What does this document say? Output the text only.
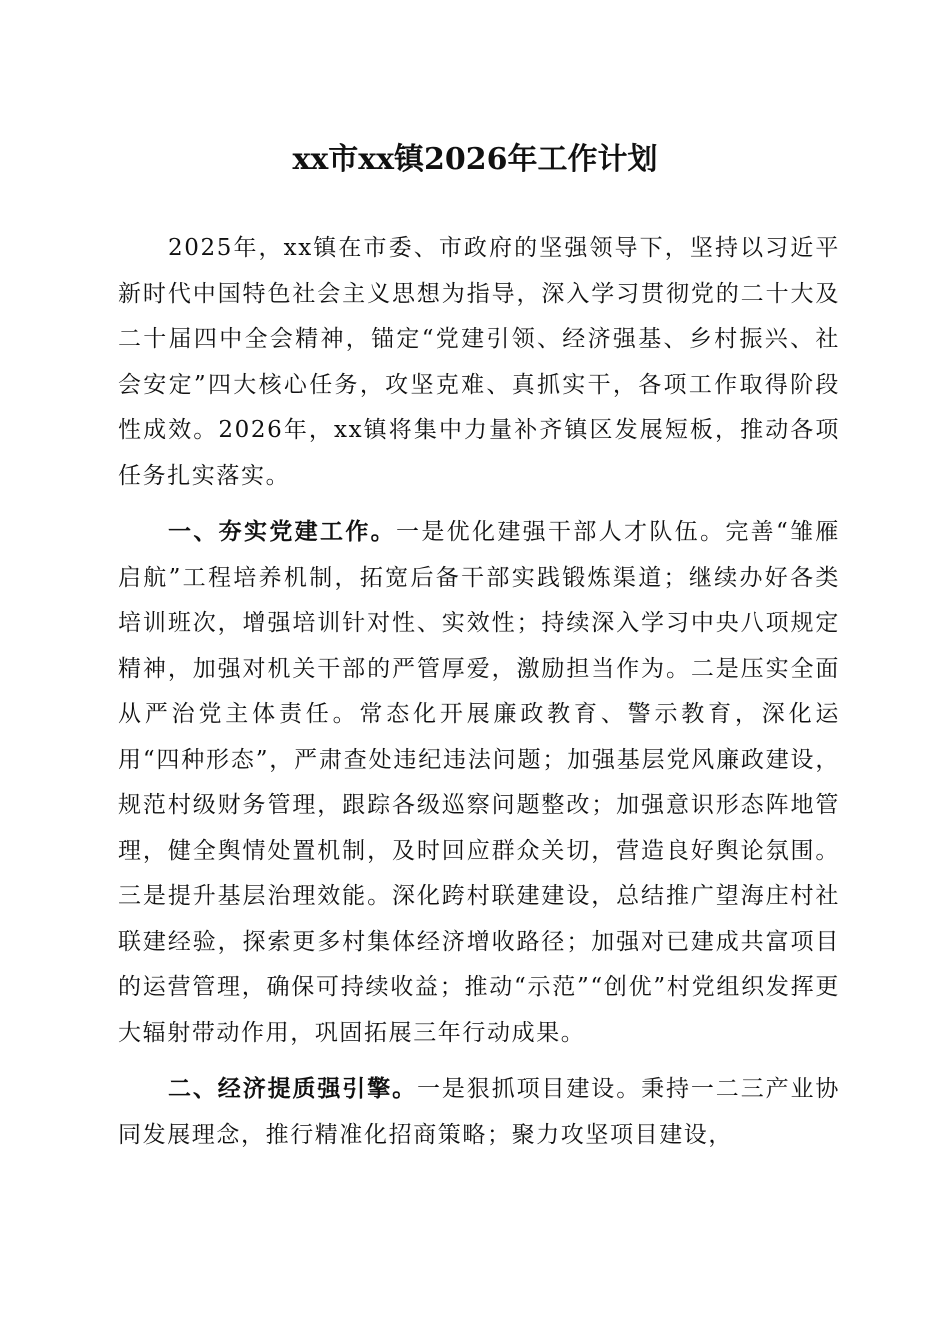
xx市xx镇2026年工作计划

2025年，xx镇在市委、市政府的坚强领导下，坚持以习近平新时代中国特色社会主义思想为指导，深入学习贯彻党的二十大及二十届四中全会精神，锚定“党建引领、经济强基、乡村振兴、社会安定”四大核心任务，攻坚克难、真抓实干，各项工作取得阶段性成效。2026年，xx镇将集中力量补齐镇区发展短板，推动各项任务扎实落实。

一、夯实党建工作。一是优化建强干部人才队伍。完善“雏雁启航”工程培养机制，拓宽后备干部实践锻炼渠道；继续办好各类培训班次，增强培训针对性、实效性；持续深入学习中央八项规定精神，加强对机关干部的严管厚爱，激励担当作为。二是压实全面从严治党主体责任。常态化开展廉政教育、警示教育，深化运用“四种形态”，严肃查处违纪违法问题；加强基层党风廉政建设，规范村级财务管理，跟踪各级巡察问题整改；加强意识形态阵地管理，健全舆情处置机制，及时回应群众关切，营造良好舆论氛围。三是提升基层治理效能。深化跨村联建建设，总结推广望海庄村社联建经验，探索更多村集体经济增收路径；加强对已建成共富项目的运营管理，确保可持续收益；推动“示范”“创优”村党组织发挥更大辐射带动作用，巩固拓展三年行动成果。

二、经济提质强引擎。一是狠抓项目建设。秉持一二三产业协同发展理念，推行精准化招商策略；聚力攻坚项目建设，
